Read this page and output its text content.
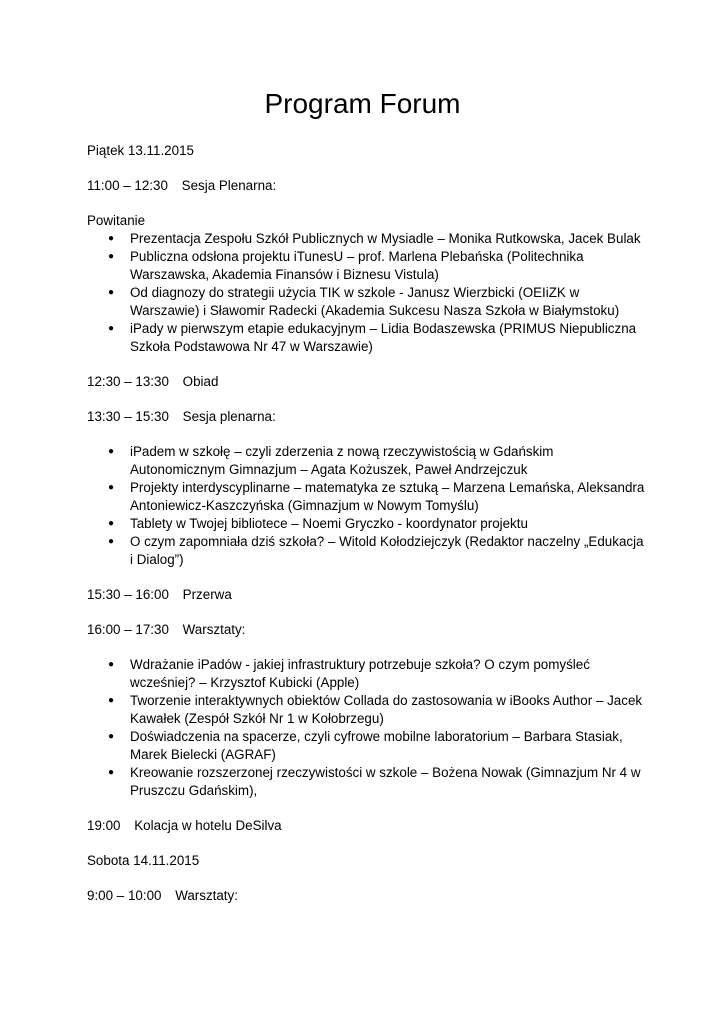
Program Forum

Piątek 13.11.2015

11:00 – 12:30 Sesja Plenarna:

Powitanie

● Prezentacja Zespołu Szkół Publicznych w Mysiadle – Monika Rutkowska, Jacek Bulak
● Publiczna odsłona projektu iTunesU – prof. Marlena Plebańska (Politechnika Warszawska, Akademia Finansów i Biznesu Vistula)
● Od diagnozy do strategii użycia TIK w szkole - Janusz Wierzbicki (OEIiZK w Warszawie) i Sławomir Radecki (Akademia Sukcesu Nasza Szkoła w Białymstoku)
● iPady w pierwszym etapie edukacyjnym – Lidia Bodaszewska (PRIMUS Niepubliczna Szkoła Podstawowa Nr 47 w Warszawie)

12:30 – 13:30 Obiad

13:30 – 15:30 Sesja plenarna:

● iPadem w szkołę – czyli zderzenia z nową rzeczywistością w Gdańskim Autonomicznym Gimnazjum – Agata Kożuszek, Paweł Andrzejczuk
● Projekty interdyscyplinarne – matematyka ze sztuką – Marzena Lemańska, Aleksandra Antoniewicz-Kaszczyńska (Gimnazjum w Nowym Tomyślu)
● Tablety w Twojej bibliotece – Noemi Gryczko - koordynator projektu
● O czym zapomniała dziś szkoła? – Witold Kołodziejczyk (Redaktor naczelny „Edukacja i Dialog”)

15:30 – 16:00 Przerwa

16:00 – 17:30 Warsztaty:

● Wdrażanie iPadów - jakiej infrastruktury potrzebuje szkoła? O czym pomyśleć wcześniej? – Krzysztof Kubicki (Apple)
● Tworzenie interaktywnych obiektów Collada do zastosowania w iBooks Author – Jacek Kawałek (Zespół Szkół Nr 1 w Kołobrzegu)
● Doświadczenia na spacerze, czyli cyfrowe mobilne laboratorium – Barbara Stasiak, Marek Bielecki (AGRAF)
● Kreowanie rozszerzonej rzeczywistości w szkole – Bożena Nowak (Gimnazjum Nr 4 w Pruszczu Gdańskim),

19:00 Kolacja w hotelu DeSilva

Sobota 14.11.2015

9:00 – 10:00 Warsztaty:
